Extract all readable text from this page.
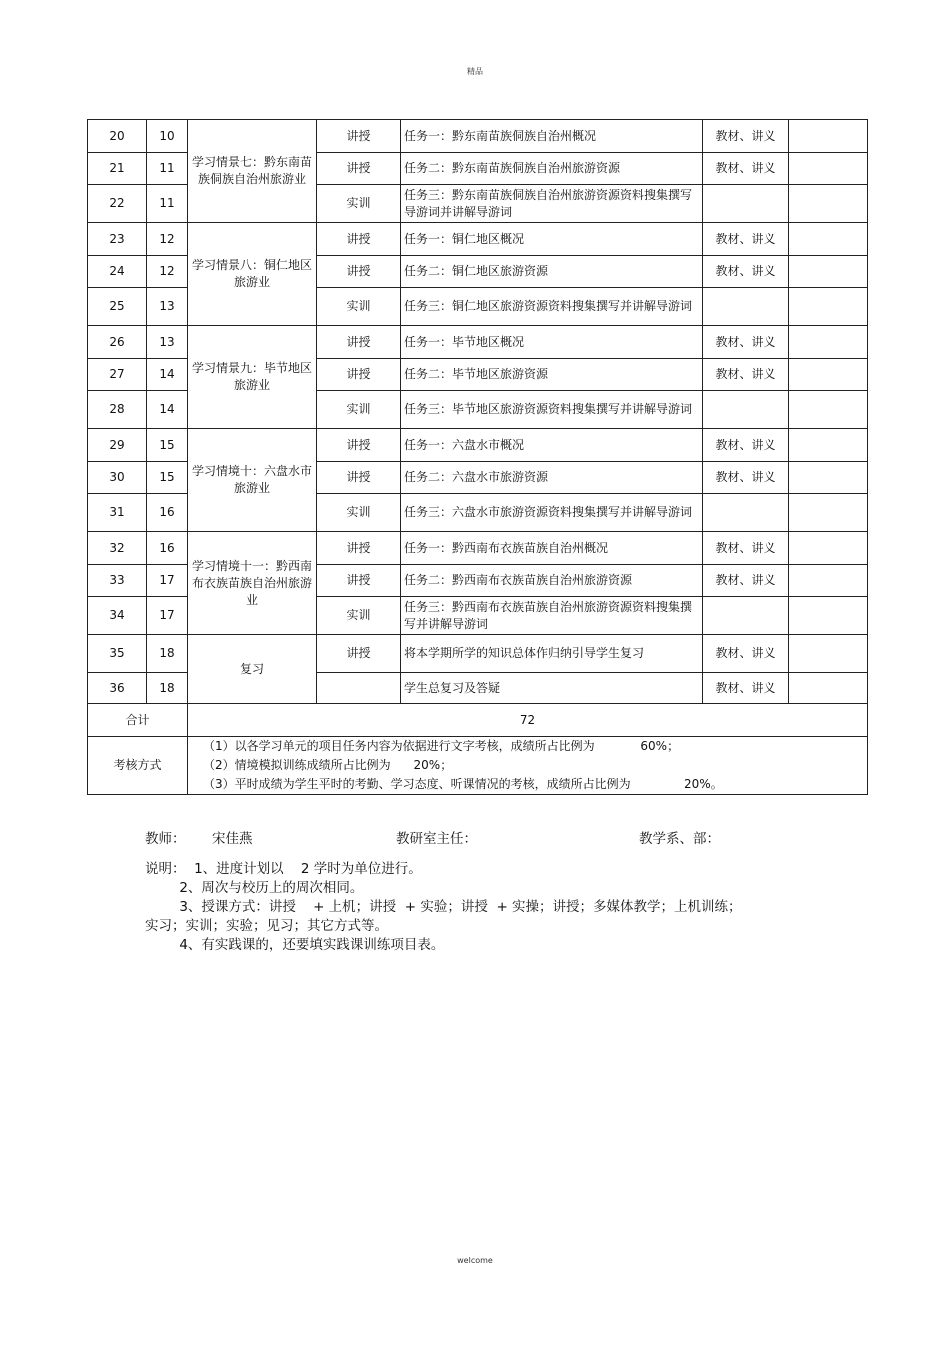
精品
20	10	学习情景七：黔东南苗族侗族自治州旅游业	讲授	任务一：黔东南苗族侗族自治州概况	教材、讲义	
21	11		讲授	任务二：黔东南苗族侗族自治州旅游资源	教材、讲义	
22	11		实训	任务三：黔东南苗族侗族自治州旅游资源资料搜集撰写导游词并讲解导游词		
23	12	学习情景八：铜仁地区旅游业	讲授	任务一：铜仁地区概况	教材、讲义	
24	12		讲授	任务二：铜仁地区旅游资源	教材、讲义	
25	13		实训	任务三：铜仁地区旅游资源资料搜集撰写并讲解导游词		
26	13	学习情景九：毕节地区旅游业	讲授	任务一：毕节地区概况	教材、讲义	
27	14		讲授	任务二：毕节地区旅游资源	教材、讲义	
28	14		实训	任务三：毕节地区旅游资源资料搜集撰写并讲解导游词		
29	15	学习情境十：六盘水市旅游业	讲授	任务一：六盘水市概况	教材、讲义	
30	15		讲授	任务二：六盘水市旅游资源	教材、讲义	
31	16		实训	任务三：六盘水市旅游资源资料搜集撰写并讲解导游词		
32	16	学习情境十一：黔西南布衣族苗族自治州旅游业	讲授	任务一：黔西南布衣族苗族自治州概况	教材、讲义	
33	17		讲授	任务二：黔西南布衣族苗族自治州旅游资源	教材、讲义	
34	17		实训	任务三：黔西南布衣族苗族自治州旅游资源资料搜集撰写并讲解导游词		
35	18	复习	讲授	将本学期所学的知识总体作归纳引导学生复习	教材、讲义	
36	18			学生总复习及答疑	教材、讲义	
合计		72				
考核方式		（1）以各学习单元的项目任务内容为依据进行文字考核，成绩所占比例为            60%；
（2）情境模拟训练成绩所占比例为      20%；
（3）平时成绩为学生平时的考勤、学习态度、听课情况的考核，成绩所占比例为              20%。				
welcome
教师： 宋佳燕	教研室主任：	教学系、部：
说明：  1、进度计划以    2 学时为单位进行。
2、周次与校历上的周次相同。
3、授课方式：讲授    + 上机；讲授  + 实验；讲授  + 实操；讲授；多媒体教学；上机训练；
实习；实训；实验；见习；其它方式等。
4、有实践课的，还要填实践课训练项目表。
